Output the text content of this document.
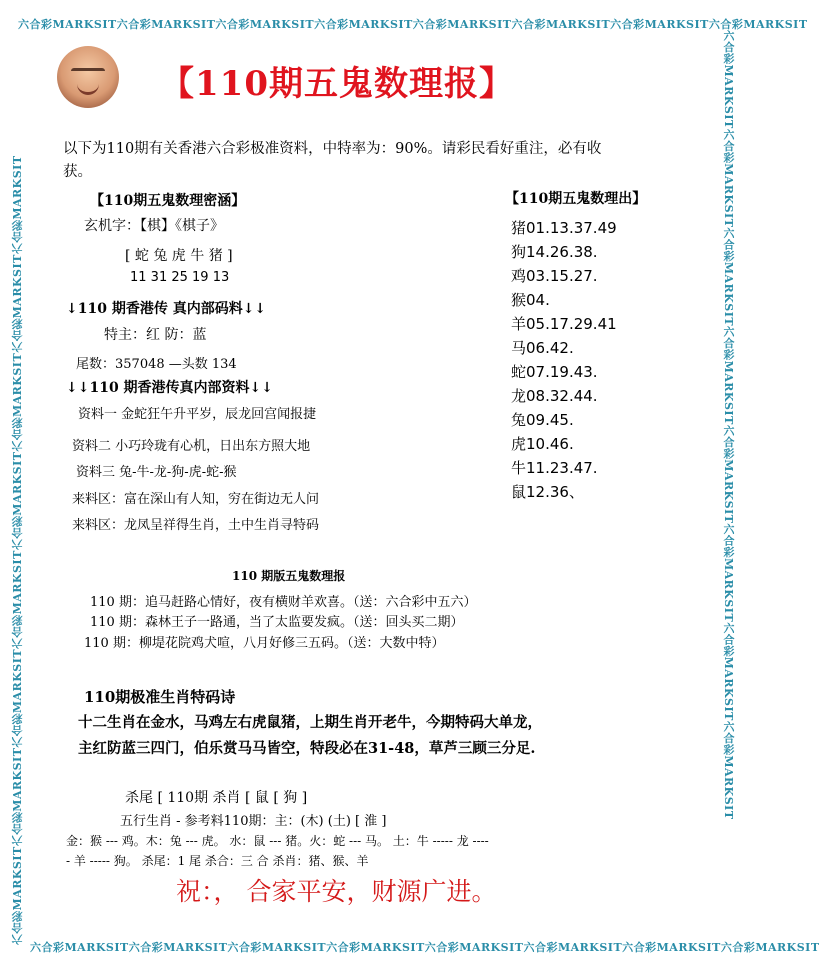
六合彩MARKSIT六合彩MARKSIT六合彩MARKSIT六合彩MARKSIT六合彩MARKSIT六合彩MARKSIT六合彩MARKSIT六合彩MARKSIT
六合彩MARKSIT六合彩MARKSIT六合彩MARKSIT六合彩MARKSIT六合彩MARKSIT六合彩MARKSIT六合彩MARKSIT六合彩MARKSIT
六合彩MARKSIT六合彩MARKSIT六合彩MARKSIT六合彩MARKSIT六合彩MARKSIT六合彩MARKSIT六合彩MARKSIT六合彩MARKSIT	六合彩MARKSIT六合彩MARKSIT六合彩MARKSIT六合彩MARKSIT六合彩MARKSIT六合彩MARKSIT六合彩MARKSIT六合彩MARKSIT
【110期五鬼数理报】
以下为110期有关香港六合彩极准资料，中特率为：90%。请彩民看好重注，必有收
获。
【110期五鬼数理密涵】
玄机字：【棋】《棋子》
[ 蛇 兔 虎 牛 猪 ]
11 31 25 19 13
↓110 期香港传 真内部码料↓↓
特主：红 防：蓝
尾数：357048 —头数 134
↓↓110 期香港传真内部资料↓↓
资料一 金蛇狂午升平岁，辰龙回宫闻报捷
资料二 小巧玲珑有心机，日出东方照大地
资料三 兔-牛-龙-狗-虎-蛇-猴
来料区：富在深山有人知，穷在街边无人问
来料区：龙凤呈祥得生肖，土中生肖寻特码
【110期五鬼数理出】
猪01.13.37.49
狗14.26.38.
鸡03.15.27.
猴04.
羊05.17.29.41
马06.42.
蛇07.19.43.
龙08.32.44.
兔09.45.
虎10.46.
牛11.23.47.
鼠12.36、
110 期版五鬼数理报
110 期：追马赶路心情好，夜有横财羊欢喜。（送：六合彩中五六）
110 期：森林王子一路通，当了太监要发疯。（送：回头买二期）
110 期：柳堤花院鸡犬喧，八月好修三五码。（送：大数中特）
110期极准生肖特码诗
十二生肖在金水，马鸡左右虎鼠猪，上期生肖开老牛，今期特码大单龙，
主红防蓝三四门，伯乐赏马马皆空，特段必在31-48，草芦三顾三分足.
杀尾 [ 110期 杀肖 [ 鼠 [ 狗 ]
五行生肖 - 参考料110期：主：(木) (土) [ 淮 ]
金：猴 --- 鸡。木：兔 --- 虎。 水：鼠 --- 猪。火：蛇 --- 马。 土：牛 ----- 龙 ----
- 羊 ----- 狗。 杀尾：1 尾 杀合：三 合 杀肖：猪、猴、羊
祝：， 合家平安，财源广进。
